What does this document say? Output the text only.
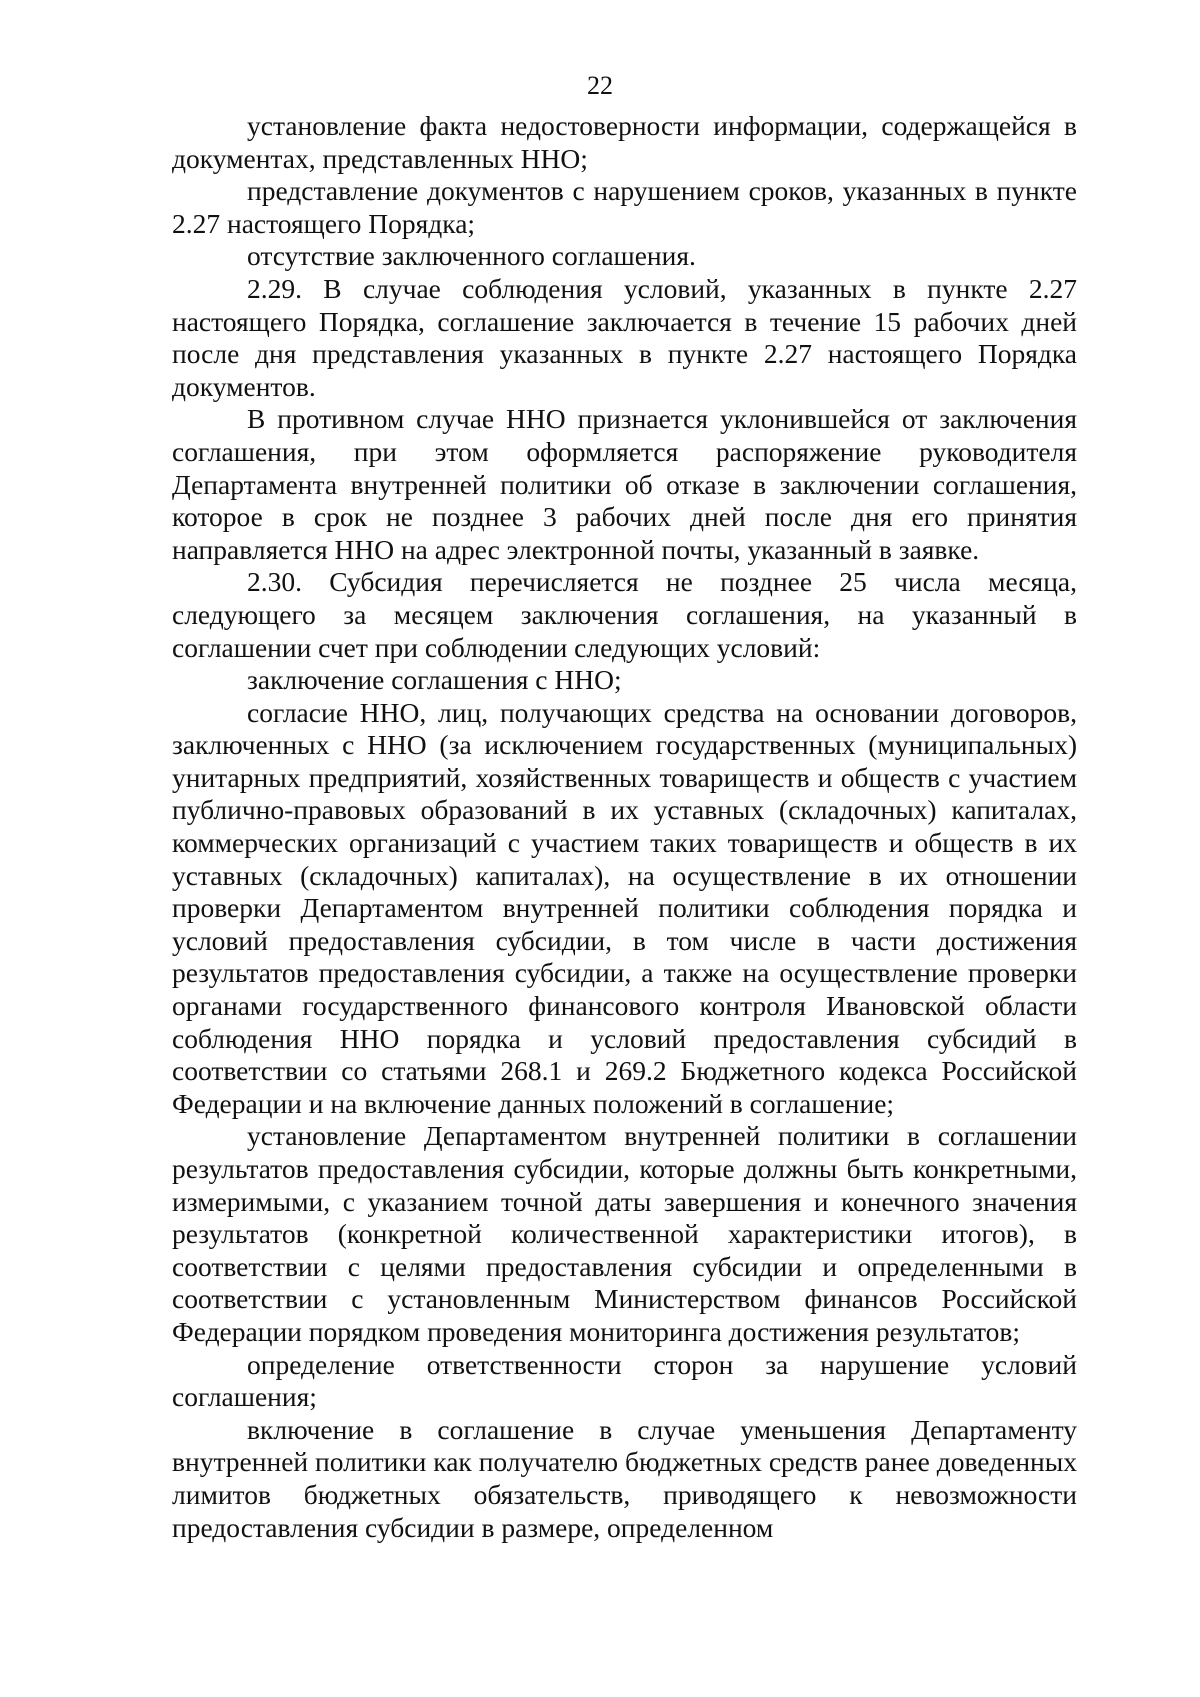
22

установление факта недостоверности информации, содержащейся в документах, представленных ННО;

представление документов с нарушением сроков, указанных в пункте 2.27 настоящего Порядка;

отсутствие заключенного соглашения.

2.29. В случае соблюдения условий, указанных в пункте 2.27 настоящего Порядка, соглашение заключается в течение 15 рабочих дней после дня представления указанных в пункте 2.27 настоящего Порядка документов.

В противном случае ННО признается уклонившейся от заключения соглашения, при этом оформляется распоряжение руководителя Департамента внутренней политики об отказе в заключении соглашения, которое в срок не позднее 3 рабочих дней после дня его принятия направляется ННО на адрес электронной почты, указанный в заявке.

2.30. Субсидия перечисляется не позднее 25 числа месяца, следующего за месяцем заключения соглашения, на указанный в соглашении счет при соблюдении следующих условий:

заключение соглашения с ННО;

согласие ННО, лиц, получающих средства на основании договоров, заключенных с ННО (за исключением государственных (муниципальных) унитарных предприятий, хозяйственных товариществ и обществ с участием публично-правовых образований в их уставных (складочных) капиталах, коммерческих организаций с участием таких товариществ и обществ в их уставных (складочных) капиталах), на осуществление в их отношении проверки Департаментом внутренней политики соблюдения порядка и условий предоставления субсидии, в том числе в части достижения результатов предоставления субсидии, а также на осуществление проверки органами государственного финансового контроля Ивановской области соблюдения ННО порядка и условий предоставления субсидий в соответствии со статьями 268.1 и 269.2 Бюджетного кодекса Российской Федерации и на включение данных положений в соглашение;

установление Департаментом внутренней политики в соглашении результатов предоставления субсидии, которые должны быть конкретными, измеримыми, с указанием точной даты завершения и конечного значения результатов (конкретной количественной характеристики итогов), в соответствии с целями предоставления субсидии и определенными в соответствии с установленным Министерством финансов Российской Федерации порядком проведения мониторинга достижения результатов;

определение ответственности сторон за нарушение условий соглашения;

включение в соглашение в случае уменьшения Департаменту внутренней политики как получателю бюджетных средств ранее доведенных лимитов бюджетных обязательств, приводящего к невозможности предоставления субсидии в размере, определенном
